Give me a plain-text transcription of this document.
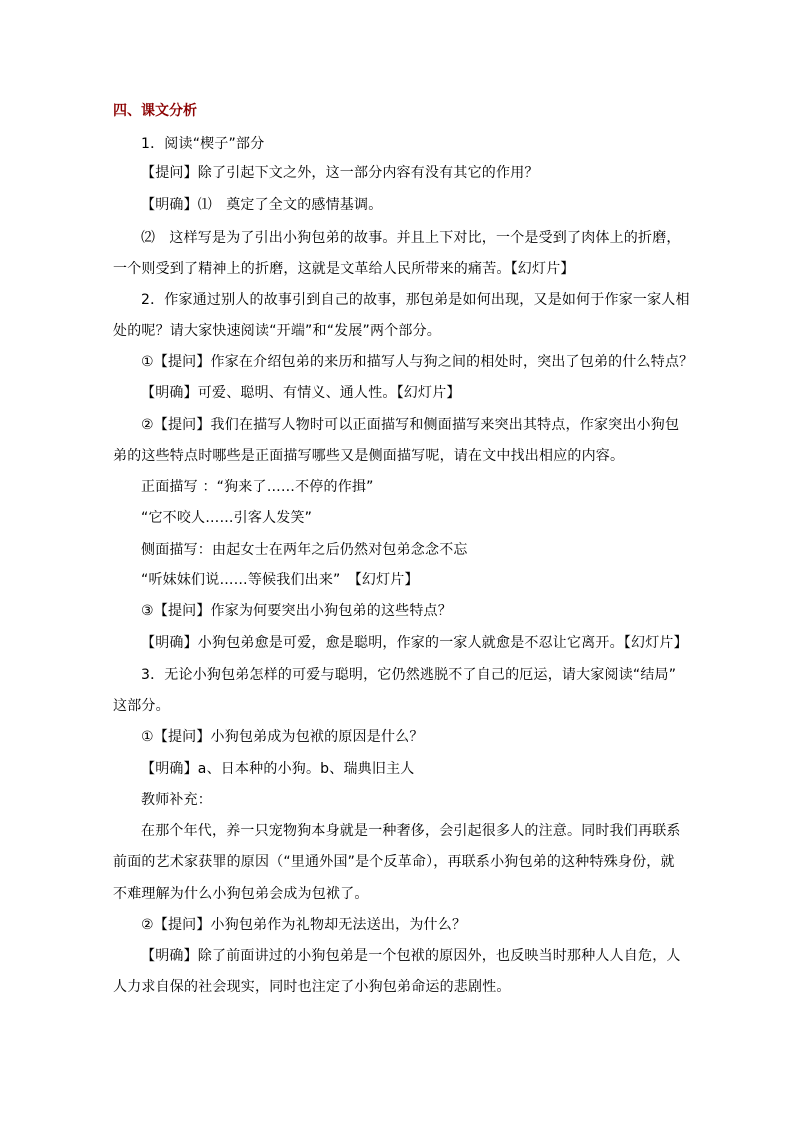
四、课文分析
1．阅读“楔子”部分
【提问】除了引起下文之外，这一部分内容有没有其它的作用？
【明确】⑴　奠定了全文的感情基调。
⑵　这样写是为了引出小狗包弟的故事。并且上下对比，一个是受到了肉体上的折磨，
一个则受到了精神上的折磨，这就是文革给人民所带来的痛苦。【幻灯片】
2．作家通过别人的故事引到自己的故事，那包弟是如何出现，又是如何于作家一家人相
处的呢？请大家快速阅读“开端”和“发展”两个部分。
①【提问】作家在介绍包弟的来历和描写人与狗之间的相处时，突出了包弟的什么特点？
【明确】可爱、聪明、有情义、通人性。【幻灯片】
②【提问】我们在描写人物时可以正面描写和侧面描写来突出其特点，作家突出小狗包
弟的这些特点时哪些是正面描写哪些又是侧面描写呢，请在文中找出相应的内容。
正面描写 ：“狗来了……不停的作揖”
“它不咬人……引客人发笑”
侧面描写：由起女士在两年之后仍然对包弟念念不忘
“听妹妹们说……等候我们出来”　【幻灯片】
③【提问】作家为何要突出小狗包弟的这些特点？
【明确】小狗包弟愈是可爱，愈是聪明，作家的一家人就愈是不忍让它离开。【幻灯片】
3．无论小狗包弟怎样的可爱与聪明，它仍然逃脱不了自己的厄运，请大家阅读“结局”
这部分。
①【提问】小狗包弟成为包袱的原因是什么？
【明确】a、日本种的小狗。b、瑞典旧主人
教师补充：
在那个年代，养一只宠物狗本身就是一种奢侈，会引起很多人的注意。同时我们再联系
前面的艺术家获罪的原因（“里通外国”是个反革命），再联系小狗包弟的这种特殊身份，就
不难理解为什么小狗包弟会成为包袱了。
②【提问】小狗包弟作为礼物却无法送出，为什么？
【明确】除了前面讲过的小狗包弟是一个包袱的原因外，也反映当时那种人人自危，人
人力求自保的社会现实，同时也注定了小狗包弟命运的悲剧性。
